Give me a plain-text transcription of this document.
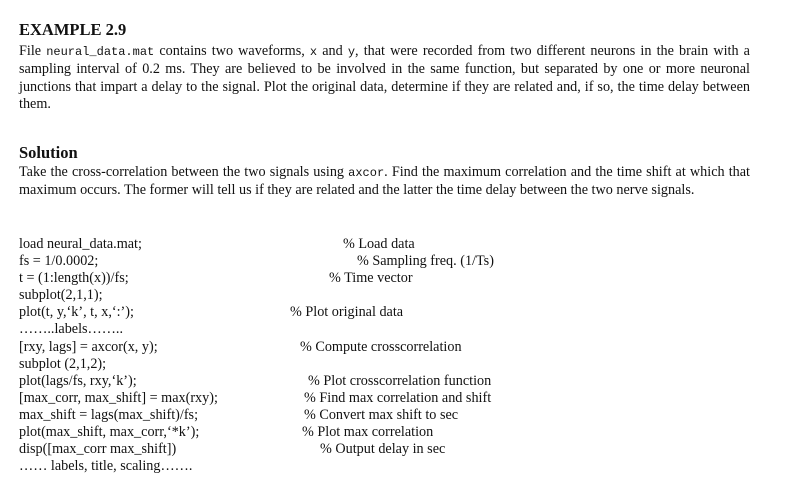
EXAMPLE 2.9

File neural_data.mat contains two waveforms, x and y, that were recorded from two different neurons in the brain with a sampling interval of 0.2 ms. They are believed to be involved in the same function, but separated by one or more neuronal junctions that impart a delay to the signal. Plot the original data, determine if they are related and, if so, the time delay between them.

Solution

Take the cross-correlation between the two signals using axcor. Find the maximum correlation and the time shift at which that maximum occurs. The former will tell us if they are related and the latter the time delay between the two nerve signals.

load neural_data.mat;	% Load data
fs = 1/0.0002;	% Sampling freq. (1/Ts)
t = (1:length(x))/fs;	% Time vector
subplot(2,1,1);
plot(t, y,‘k’, t, x,‘:’);	% Plot original data
……..labels……..
[rxy, lags] = axcor(x, y);	% Compute crosscorrelation
subplot (2,1,2);
plot(lags/fs, rxy,‘k’);	% Plot crosscorrelation function
[max_corr, max_shift] = max(rxy);	% Find max correlation and shift
max_shift = lags(max_shift)/fs;	% Convert max shift to sec
plot(max_shift, max_corr,‘*k’);	% Plot max correlation
disp([max_corr max_shift])	% Output delay in sec
…… labels, title, scaling…….
